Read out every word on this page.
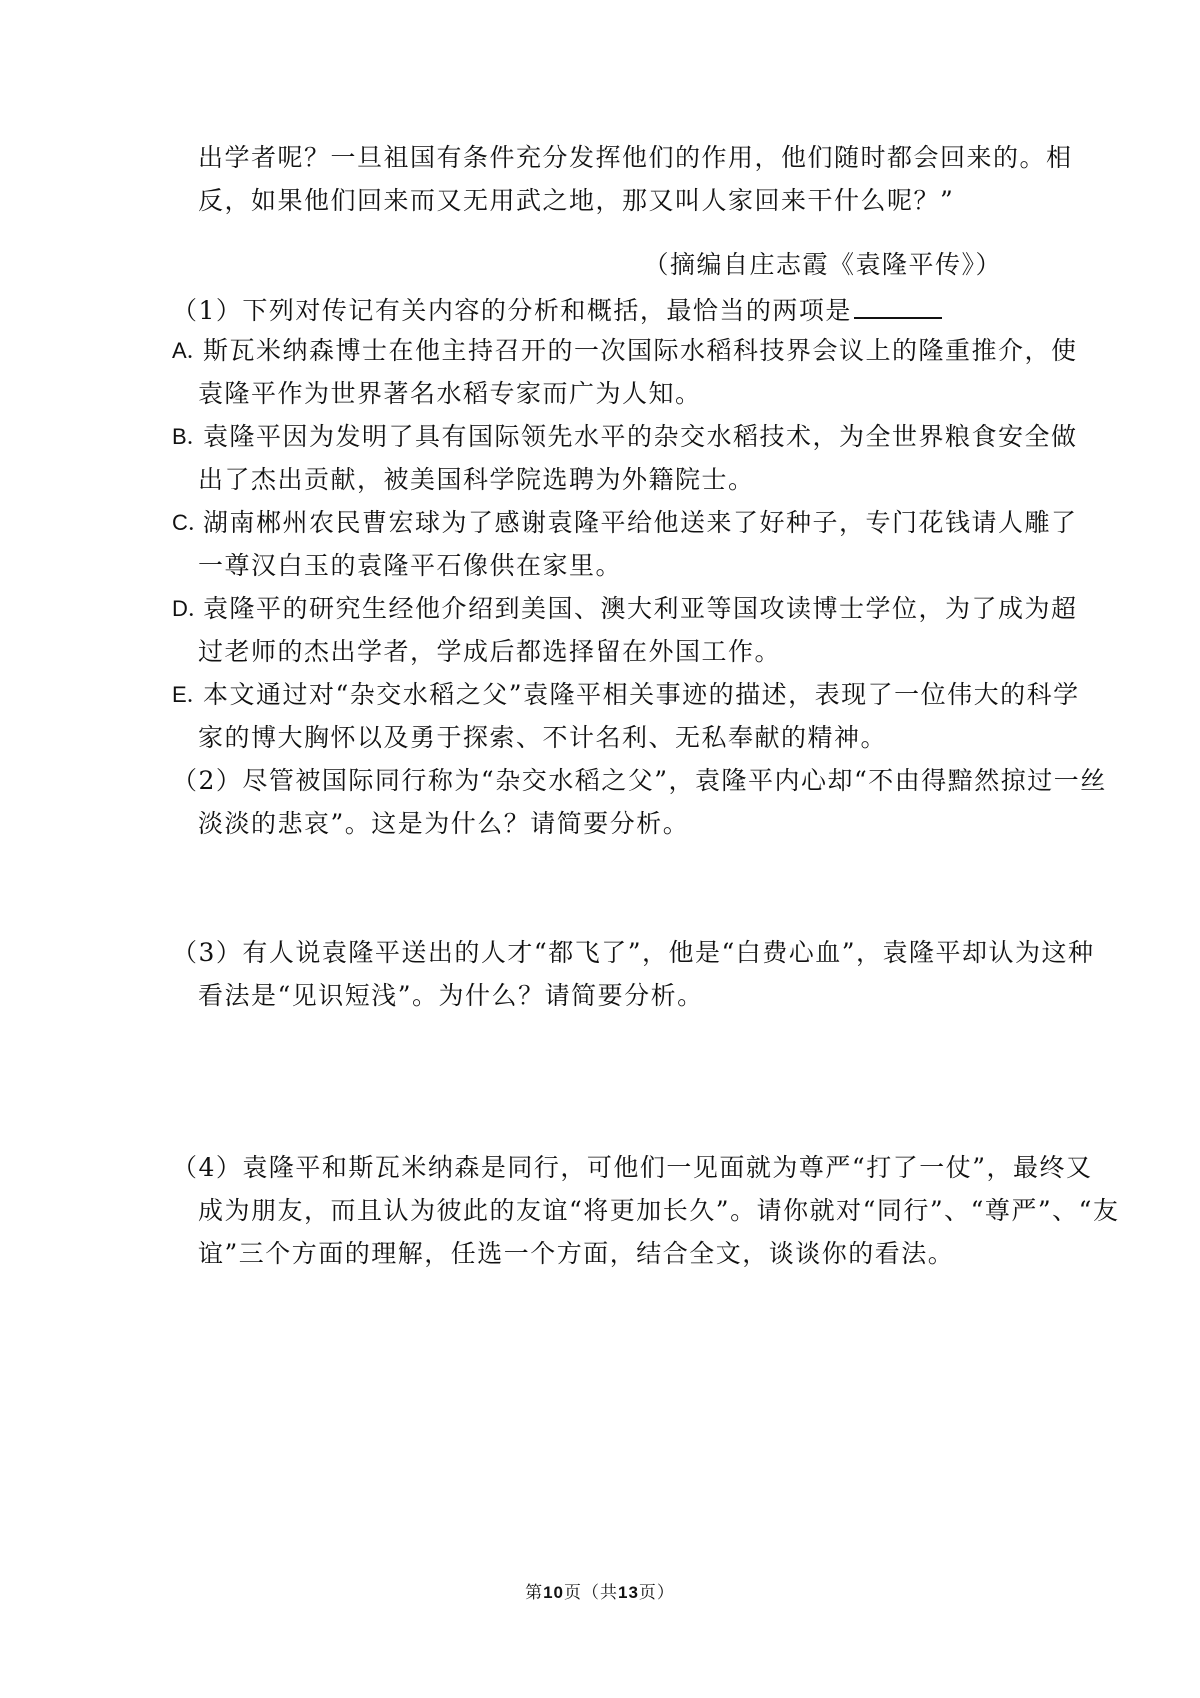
出学者呢？一旦祖国有条件充分发挥他们的作用，他们随时都会回来的。相
反，如果他们回来而又无用武之地，那又叫人家回来干什么呢？”
（摘编自庄志霞《袁隆平传》）
（1）下列对传记有关内容的分析和概括，最恰当的两项是
A．
斯瓦米纳森博士在他主持召开的一次国际水稻科技界会议上的隆重推介，使
袁隆平作为世界著名水稻专家而广为人知。
B．
袁隆平因为发明了具有国际领先水平的杂交水稻技术，为全世界粮食安全做
出了杰出贡献，被美国科学院选聘为外籍院士。
C．
湖南郴州农民曹宏球为了感谢袁隆平给他送来了好种子，专门花钱请人雕了
一尊汉白玉的袁隆平石像供在家里。
D．
袁隆平的研究生经他介绍到美国、澳大利亚等国攻读博士学位，为了成为超
过老师的杰出学者，学成后都选择留在外国工作。
E．
本文通过对“杂交水稻之父”袁隆平相关事迹的描述，表现了一位伟大的科学
家的博大胸怀以及勇于探索、不计名利、无私奉献的精神。
（2）尽管被国际同行称为“杂交水稻之父”，袁隆平内心却“不由得黯然掠过一丝
淡淡的悲哀”。这是为什么？请简要分析。
（3）有人说袁隆平送出的人才“都飞了”，他是“白费心血”，袁隆平却认为这种
看法是“见识短浅”。为什么？请简要分析。
（4）袁隆平和斯瓦米纳森是同行，可他们一见面就为尊严“打了一仗”，最终又
成为朋友，而且认为彼此的友谊“将更加长久”。请你就对“同行”、“尊严”、“友
谊”三个方面的理解，任选一个方面，结合全文，谈谈你的看法。
第10页（共13页）
